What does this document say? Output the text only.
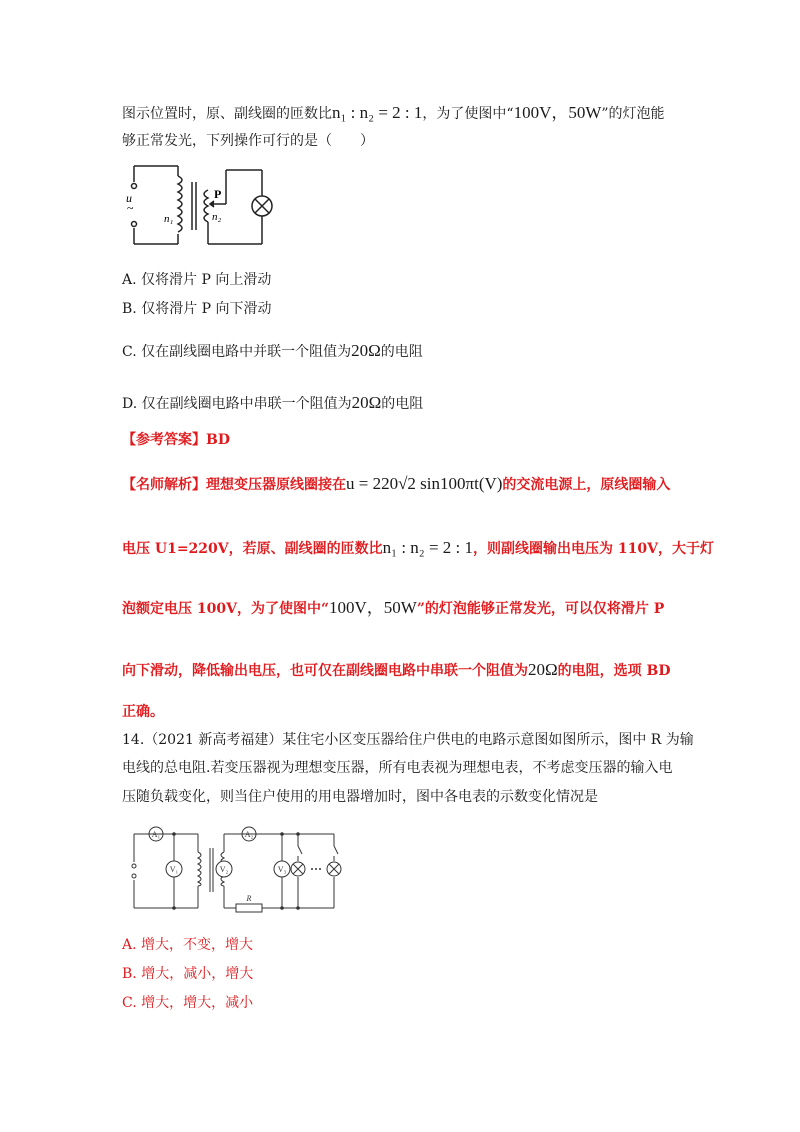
图示位置时，原、副线圈的匝数比n₁ : n₂ = 2 : 1，为了使图中“100V，50W”的灯泡能
够正常发光，下列操作可行的是（　　）
u
~
n₁	n₂
P
A. 仅将滑片 P 向上滑动
B. 仅将滑片 P 向下滑动
C. 仅在副线圈电路中并联一个阻值为20Ω的电阻
D. 仅在副线圈电路中串联一个阻值为20Ω的电阻
【参考答案】BD
【名师解析】理想变压器原线圈接在u = 220√2 sin100πt(V)的交流电源上，原线圈输入
电压 U1=220V，若原、副线圈的匝数比n₁ : n₂ = 2 : 1，则副线圈输出电压为 110V，大于灯
泡额定电压 100V，为了使图中“100V，50W”的灯泡能够正常发光，可以仅将滑片 P
向下滑动，降低输出电压，也可仅在副线圈电路中串联一个阻值为20Ω的电阻，选项 BD
正确。
14.（2021 新高考福建）某住宅小区变压器给住户供电的电路示意图如图所示，图中 R 为输
电线的总电阻.若变压器视为理想变压器，所有电表视为理想电表，不考虑变压器的输入电
压随负载变化，则当住户使用的用电器增加时，图中各电表的示数变化情况是
A₁	A₂
V₁	V₂	V₃
R
A. 增大，不变，增大
B. 增大，减小，增大
C. 增大，增大，减小
